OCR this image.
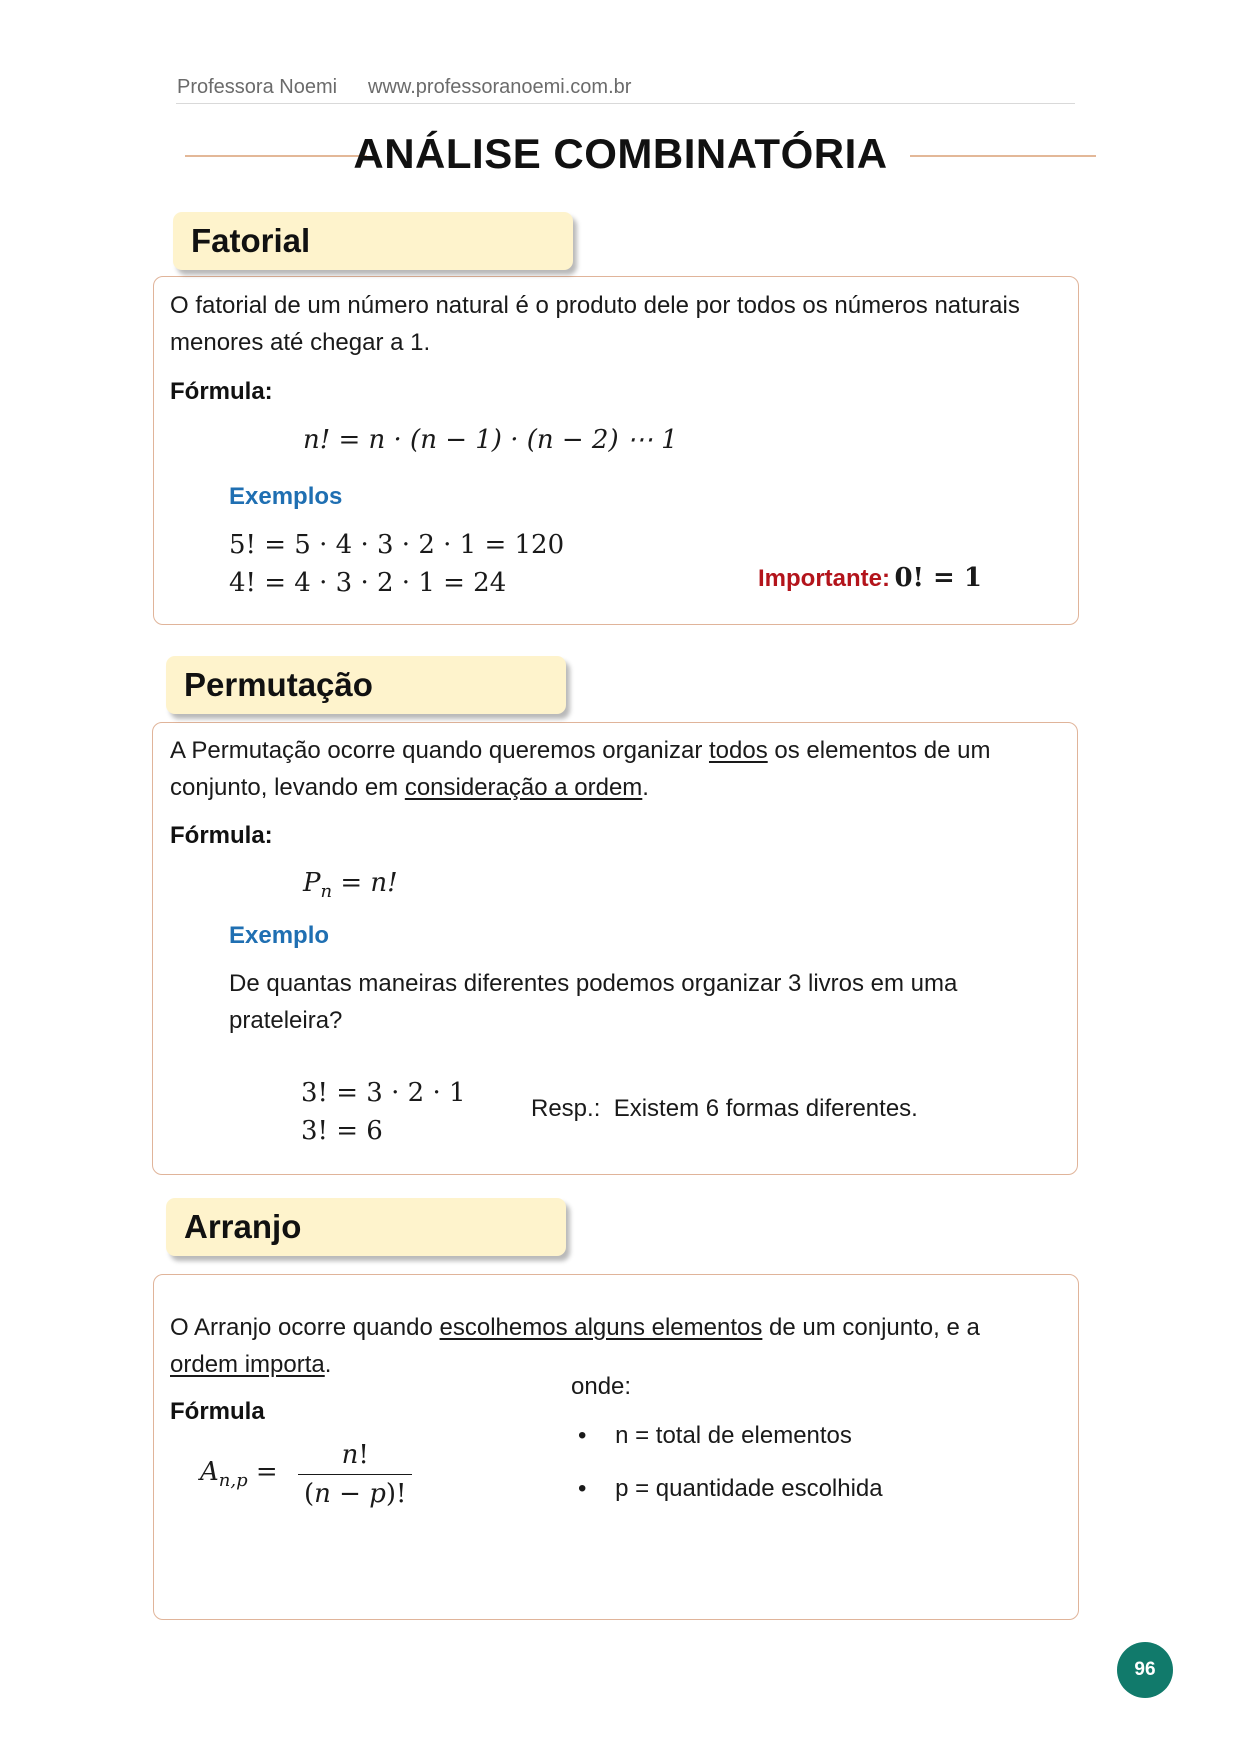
Professora Noemi www.professoranoemi.com.br
ANÁLISE COMBINATÓRIA
Fatorial
O fatorial de um número natural é o produto dele por todos os números naturais menores até chegar a 1.
Fórmula:
n! = n · (n − 1) · (n − 2) ⋯ 1
Exemplos
5! = 5 · 4 · 3 · 2 · 1 = 120
4! = 4 · 3 · 2 · 1 = 24	Importante: 0! = 1
Permutação
A Permutação ocorre quando queremos organizar todos os elementos de um conjunto, levando em consideração a ordem.
Fórmula:
$P_n = n$!
Exemplo
De quantas maneiras diferentes podemos organizar 3 livros em uma prateleira?
3! = 3 · 2 · 1
3! = 6
Resp.: Existem 6 formas diferentes.
Arranjo
O Arranjo ocorre quando escolhemos alguns elementos de um conjunto, e a ordem importa.
Fórmula
$A_{n,p} = \frac{n!}{(n - p)!}$
onde:
• n = total de elementos
• p = quantidade escolhida
96
